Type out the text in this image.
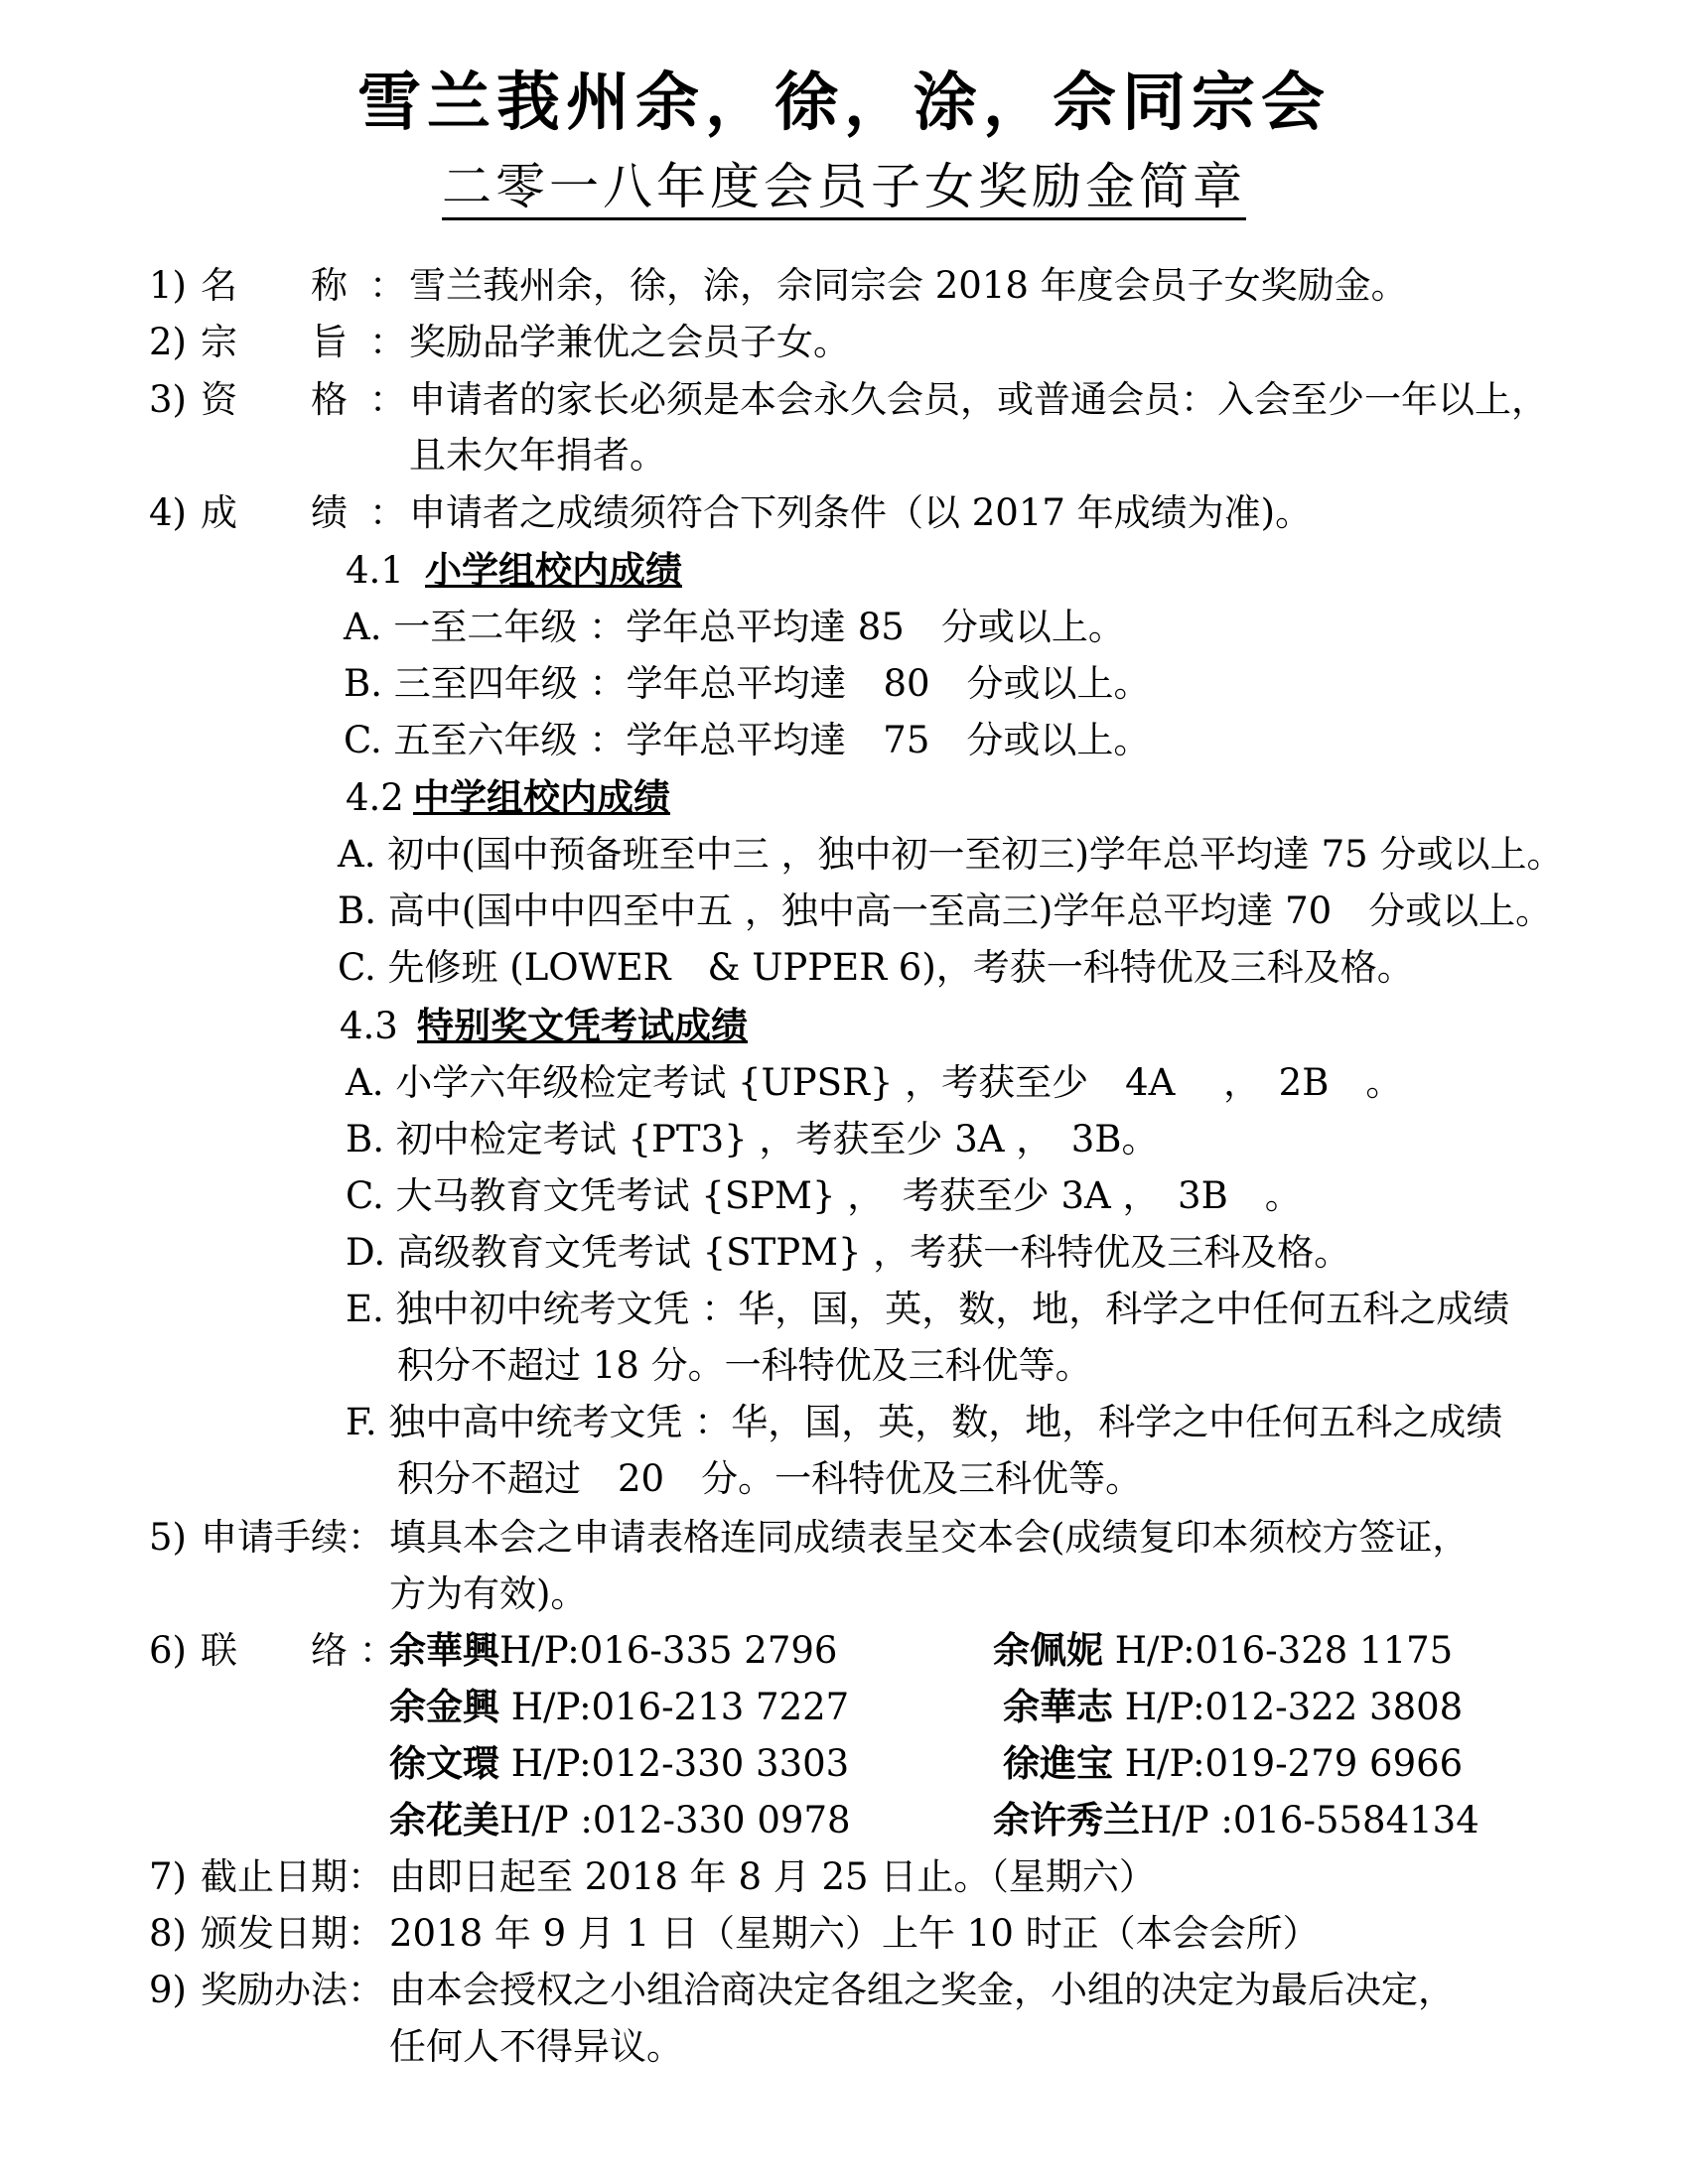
雪兰莪州余，徐，涂，佘同宗会
二零一八年度会员子女奖励金简章
1) 名　　称 ： 雪兰莪州余，徐，涂，佘同宗会 2018 年度会员子女奖励金。
2) 宗　　旨 ： 奖励品学兼优之会员子女。
3) 资　　格 ： 申请者的家长必须是本会永久会员，或普通会员：入会至少一年以上，
且未欠年捐者。
4) 成　　绩 ： 申请者之成绩须符合下列条件（以 2017 年成绩为准)。
4.1 小学组校内成绩
A. 一至二年级 ：学年总平均達 85　分或以上。
B. 三至四年级 ：学年总平均達　80　分或以上。
C. 五至六年级 ：学年总平均達　75　分或以上。
4.2 中学组校内成绩
A. 初中(国中预备班至中三 ，独中初一至初三)学年总平均達 75 分或以上。
B. 高中(国中中四至中五 ，独中高一至高三)学年总平均達 70　分或以上。
C. 先修班 (LOWER　& UPPER 6)，考获一科特优及三科及格。
4.3 特别奖文凭考试成绩
A. 小学六年级检定考试 {UPSR} ，考获至少　4A　 ，　2B　。
B. 初中检定考试 {PT3} ，考获至少 3A ，　3B。
C. 大马教育文凭考试 {SPM} ，　考获至少 3A ，　3B　。
D. 高级教育文凭考试 {STPM} ，考获一科特优及三科及格。
E. 独中初中统考文凭 ：华，国，英，数，地，科学之中任何五科之成绩
积分不超过 18 分。一科特优及三科优等。
F. 独中高中统考文凭 ：华，国，英，数，地，科学之中任何五科之成绩
积分不超过　20　分。一科特优及三科优等。
5) 申请手续： 填具本会之申请表格连同成绩表呈交本会(成绩复印本须校方签证，
方为有效)。
6) 联　　络 ：
余華興H/P:016-335 2796	余佩妮 H/P:016-328 1175
余金興 H/P:016-213 7227	余華志 H/P:012-322 3808
徐文環 H/P:012-330 3303	徐進宝 H/P:019-279 6966
余花美H/P :012-330 0978	余许秀兰H/P :016-5584134
7) 截止日期： 由即日起至 2018 年 8 月 25 日止。（星期六）
8) 颁发日期： 2018 年 9 月 1 日（星期六）上午 10 时正（本会会所）
9) 奖励办法： 由本会授权之小组洽商决定各组之奖金，小组的决定为最后决定，
任何人不得异议。
